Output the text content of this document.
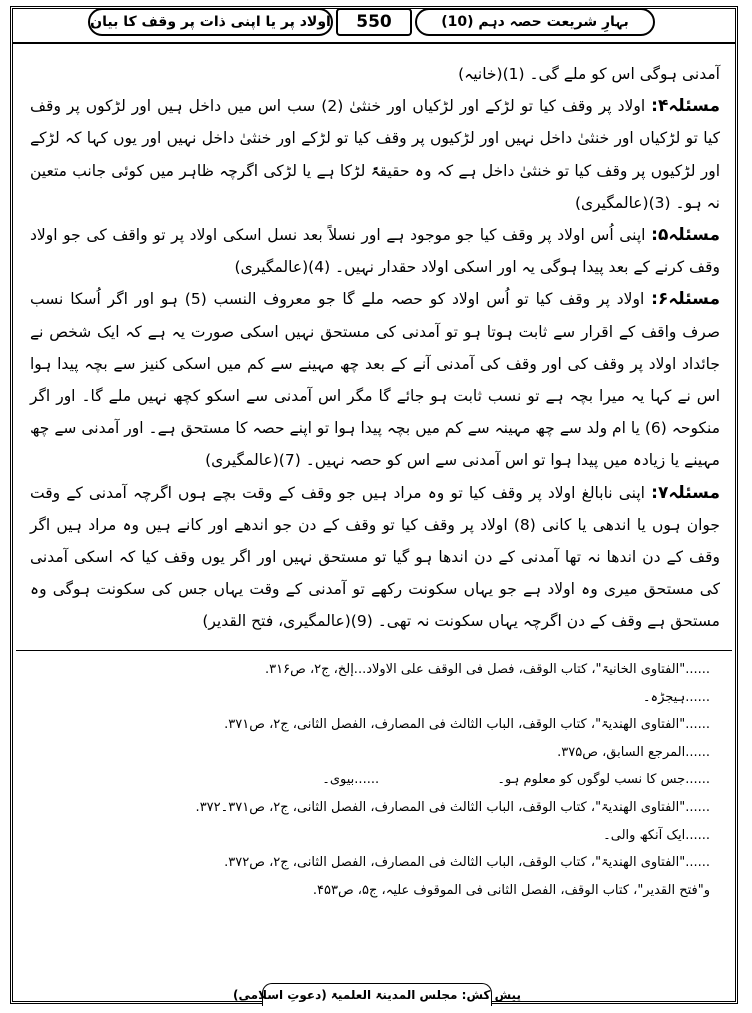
اولاد پر یا اپنی ذات پر وقف کا بیان 550	بہارِ شریعت حصہ دہم (10)

آمدنی ہوگی اس کو ملے گی۔ (1)(خانیہ)

مسئلہ۴: اولاد پر وقف کیا تو لڑکے اور لڑکیاں اور خنثیٰ (2) سب اس میں داخل ہیں اور لڑکوں پر وقف کیا تو لڑکیاں اور خنثیٰ داخل نہیں اور لڑکیوں پر وقف کیا تو لڑکے اور خنثیٰ داخل نہیں اور یوں کہا کہ لڑکے اور لڑکیوں پر وقف کیا تو خنثیٰ داخل ہے کہ وہ حقیقۃً لڑکا ہے یا لڑکی اگرچہ ظاہر میں کوئی جانب متعین نہ ہو۔ (3)(عالمگیری)

مسئلہ۵: اپنی اُس اولاد پر وقف کیا جو موجود ہے اور نسلاً بعد نسل اسکی اولاد پر تو واقف کی جو اولاد وقف کرنے کے بعد پیدا ہوگی یہ اور اسکی اولاد حقدار نہیں۔ (4)(عالمگیری)

مسئلہ۶: اولاد پر وقف کیا تو اُس اولاد کو حصہ ملے گا جو معروف النسب (5) ہو اور اگر اُسکا نسب صرف واقف کے اقرار سے ثابت ہوتا ہو تو آمدنی کی مستحق نہیں اسکی صورت یہ ہے کہ ایک شخص نے جائداد اولاد پر وقف کی اور وقف کی آمدنی آنے کے بعد چھ مہینے سے کم میں اسکی کنیز سے بچہ پیدا ہوا اس نے کہا یہ میرا بچہ ہے تو نسب ثابت ہو جائے گا مگر اس آمدنی سے اسکو کچھ نہیں ملے گا۔ اور اگر منکوحہ (6) یا ام ولد سے چھ مہینہ سے کم میں بچہ پیدا ہوا تو اپنے حصہ کا مستحق ہے۔ اور آمدنی سے چھ مہینے یا زیادہ میں پیدا ہوا تو اس آمدنی سے اس کو حصہ نہیں۔ (7)(عالمگیری)

مسئلہ۷: اپنی نابالغ اولاد پر وقف کیا تو وہ مراد ہیں جو وقف کے وقت بچے ہوں اگرچہ آمدنی کے وقت جوان ہوں یا اندھی یا کانی (8) اولاد پر وقف کیا تو وقف کے دن جو اندھے اور کانے ہیں وہ مراد ہیں اگر وقف کے دن اندھا نہ تھا آمدنی کے دن اندھا ہو گیا تو مستحق نہیں اور اگر یوں وقف کیا کہ اسکی آمدنی کی مستحق میری وہ اولاد ہے جو یہاں سکونت رکھے تو آمدنی کے وقت یہاں جس کی سکونت ہوگی وہ مستحق ہے وقف کے دن اگرچہ یہاں سکونت نہ تھی۔ (9)(عالمگیری، فتح القدیر)

......"الفتاوی الخانیۃ"، کتاب الوقف، فصل فی الوقف علی الاولاد...إلخ، ج۲، ص۳۱۶.
......ہیجڑہ۔
......"الفتاوی الھندیۃ"، کتاب الوقف، الباب الثالث فی المصارف، الفصل الثانی، ج۲، ص۳۷۱.
......المرجع السابق، ص۳۷۵.
......جس کا نسب لوگوں کو معلوم ہو۔  ......بیوی۔
......"الفتاوی الھندیۃ"، کتاب الوقف، الباب الثالث فی المصارف، الفصل الثانی، ج۲، ص۳۷۱۔۳۷۲.
......ایک آنکھ والی۔
......"الفتاوی الھندیۃ"، کتاب الوقف، الباب الثالث فی المصارف، الفصل الثانی، ج۲، ص۳۷۲.
و"فتح القدیر"، کتاب الوقف، الفصل الثانی فی الموقوف علیہ، ج۵، ص۴۵۳.
پیش کش: مجلس المدینۃ العلمیۃ (دعوتِ اسلامی)
